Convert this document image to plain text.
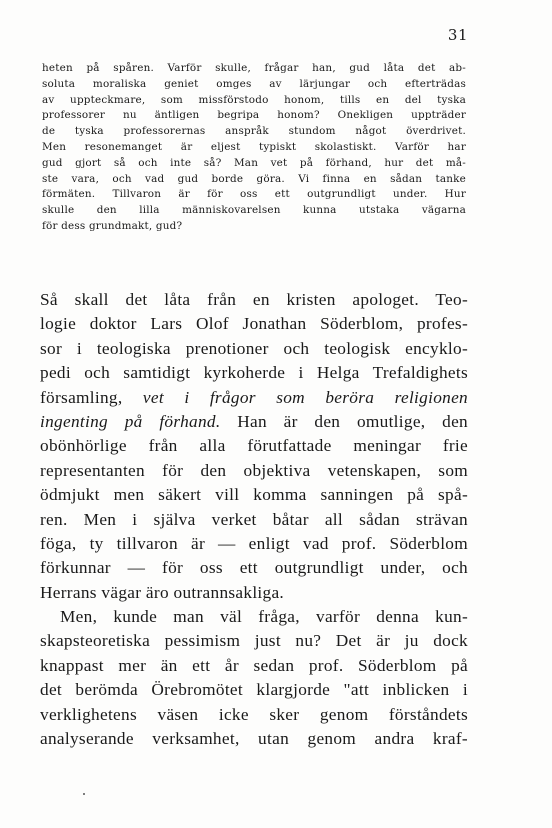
31
heten på spåren. Varför skulle, frågar han, gud låta det ab-
soluta moraliska geniet omges av lärjungar och efterträdas
av uppteckmare, som missförstodo honom, tills en del tyska
professorer nu äntligen begripa honom? Onekligen uppträder
de tyska professorernas anspråk stundom något överdrivet.
Men resonemanget är eljest typiskt skolastiskt. Varför har
gud gjort så och inte så? Man vet på förhand, hur det må-
ste vara, och vad gud borde göra. Vi finna en sådan tanke
förmäten. Tillvaron är för oss ett outgrundligt under. Hur
skulle den lilla människovarelsen kunna utstaka vägarna
för dess grundmakt, gud?
Så skall det låta från en kristen apologet. Teo-
logie doktor Lars Olof Jonathan Söderblom, profes-
sor i teologiska prenotioner och teologisk encyklo-
pedi och samtidigt kyrkoherde i Helga Trefaldighets
församling, vet i frågor som beröra religionen
ingenting på förhand. Han är den omutlige, den
obönhörlige från alla förutfattade meningar frie
representanten för den objektiva vetenskapen, som
ödmjukt men säkert vill komma sanningen på spå-
ren. Men i själva verket båtar all sådan strävan
föga, ty tillvaron är — enligt vad prof. Söderblom
förkunnar — för oss ett outgrundligt under, och
Herrans vägar äro outrannsakliga.
Men, kunde man väl fråga, varför denna kun-
skapsteoretiska pessimism just nu? Det är ju dock
knappast mer än ett år sedan prof. Söderblom på
det berömda Örebromötet klargjorde "att inblicken i
verklighetens väsen icke sker genom förståndets
analyserande verksamhet, utan genom andra kraf-
